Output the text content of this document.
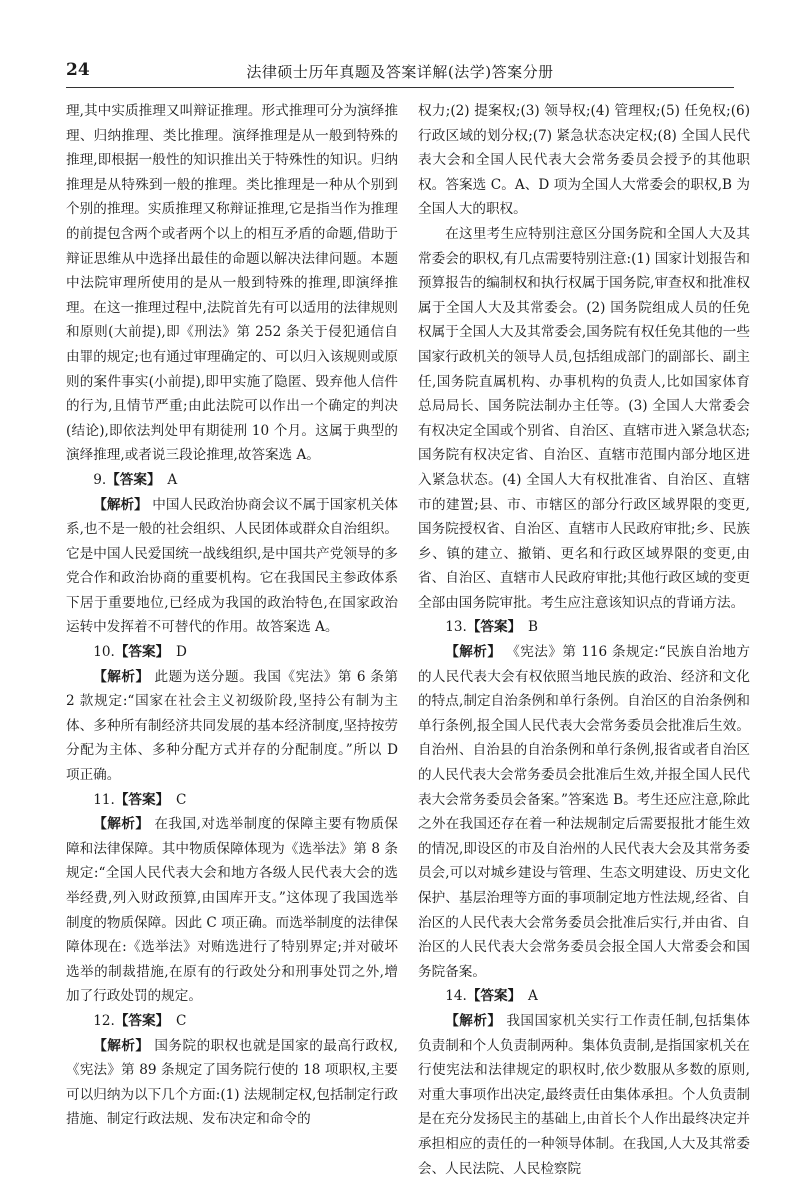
24	法律硕士历年真题及答案详解(法学)答案分册

理,其中实质推理又叫辩证推理。形式推理可分为演绎推理、归纳推理、类比推理。演绎推理是从一般到特殊的推理,即根据一般性的知识推出关于特殊性的知识。归纳推理是从特殊到一般的推理。类比推理是一种从个别到个别的推理。实质推理又称辩证推理,它是指当作为推理的前提包含两个或者两个以上的相互矛盾的命题,借助于辩证思维从中选择出最佳的命题以解决法律问题。本题中法院审理所使用的是从一般到特殊的推理,即演绎推理。在这一推理过程中,法院首先有可以适用的法律规则和原则(大前提),即《刑法》第 252 条关于侵犯通信自由罪的规定;也有通过审理确定的、可以归入该规则或原则的案件事实(小前提),即甲实施了隐匿、毁弃他人信件的行为,且情节严重;由此法院可以作出一个确定的判决(结论),即依法判处甲有期徒刑 10 个月。这属于典型的演绎推理,或者说三段论推理,故答案选 A。

9.【答案】 A

【解析】 中国人民政治协商会议不属于国家机关体系,也不是一般的社会组织、人民团体或群众自治组织。它是中国人民爱国统一战线组织,是中国共产党领导的多党合作和政治协商的重要机构。它在我国民主参政体系下居于重要地位,已经成为我国的政治特色,在国家政治运转中发挥着不可替代的作用。故答案选 A。

10.【答案】 D

【解析】 此题为送分题。我国《宪法》第 6 条第 2 款规定:“国家在社会主义初级阶段,坚持公有制为主体、多种所有制经济共同发展的基本经济制度,坚持按劳分配为主体、多种分配方式并存的分配制度。”所以 D 项正确。

11.【答案】 C

【解析】 在我国,对选举制度的保障主要有物质保障和法律保障。其中物质保障体现为《选举法》第 8 条规定:“全国人民代表大会和地方各级人民代表大会的选举经费,列入财政预算,由国库开支。”这体现了我国选举制度的物质保障。因此 C 项正确。而选举制度的法律保障体现在:《选举法》对贿选进行了特别界定;并对破坏选举的制裁措施,在原有的行政处分和刑事处罚之外,增加了行政处罚的规定。

12.【答案】 C

【解析】 国务院的职权也就是国家的最高行政权,《宪法》第 89 条规定了国务院行使的 18 项职权,主要可以归纳为以下几个方面:(1) 法规制定权,包括制定行政措施、制定行政法规、发布决定和命令的

权力;(2) 提案权;(3) 领导权;(4) 管理权;(5) 任免权;(6) 行政区域的划分权;(7) 紧急状态决定权;(8) 全国人民代表大会和全国人民代表大会常务委员会授予的其他职权。答案选 C。A、D 项为全国人大常委会的职权,B 为全国人大的职权。

在这里考生应特别注意区分国务院和全国人大及其常委会的职权,有几点需要特别注意:(1) 国家计划报告和预算报告的编制权和执行权属于国务院,审查权和批准权属于全国人大及其常委会。(2) 国务院组成人员的任免权属于全国人大及其常委会,国务院有权任免其他的一些国家行政机关的领导人员,包括组成部门的副部长、副主任,国务院直属机构、办事机构的负责人,比如国家体育总局局长、国务院法制办主任等。(3) 全国人大常委会有权决定全国或个别省、自治区、直辖市进入紧急状态;国务院有权决定省、自治区、直辖市范围内部分地区进入紧急状态。(4) 全国人大有权批准省、自治区、直辖市的建置;县、市、市辖区的部分行政区域界限的变更,国务院授权省、自治区、直辖市人民政府审批;乡、民族乡、镇的建立、撤销、更名和行政区域界限的变更,由省、自治区、直辖市人民政府审批;其他行政区域的变更全部由国务院审批。考生应注意该知识点的背诵方法。

13.【答案】 B

【解析】 《宪法》第 116 条规定:“民族自治地方的人民代表大会有权依照当地民族的政治、经济和文化的特点,制定自治条例和单行条例。自治区的自治条例和单行条例,报全国人民代表大会常务委员会批准后生效。自治州、自治县的自治条例和单行条例,报省或者自治区的人民代表大会常务委员会批准后生效,并报全国人民代表大会常务委员会备案。”答案选 B。考生还应注意,除此之外在我国还存在着一种法规制定后需要报批才能生效的情况,即设区的市及自治州的人民代表大会及其常务委员会,可以对城乡建设与管理、生态文明建设、历史文化保护、基层治理等方面的事项制定地方性法规,经省、自治区的人民代表大会常务委员会批准后实行,并由省、自治区的人民代表大会常务委员会报全国人大常委会和国务院备案。

14.【答案】 A

【解析】 我国国家机关实行工作责任制,包括集体负责制和个人负责制两种。集体负责制,是指国家机关在行使宪法和法律规定的职权时,依少数服从多数的原则,对重大事项作出决定,最终责任由集体承担。个人负责制是在充分发扬民主的基础上,由首长个人作出最终决定并承担相应的责任的一种领导体制。在我国,人大及其常委会、人民法院、人民检察院
